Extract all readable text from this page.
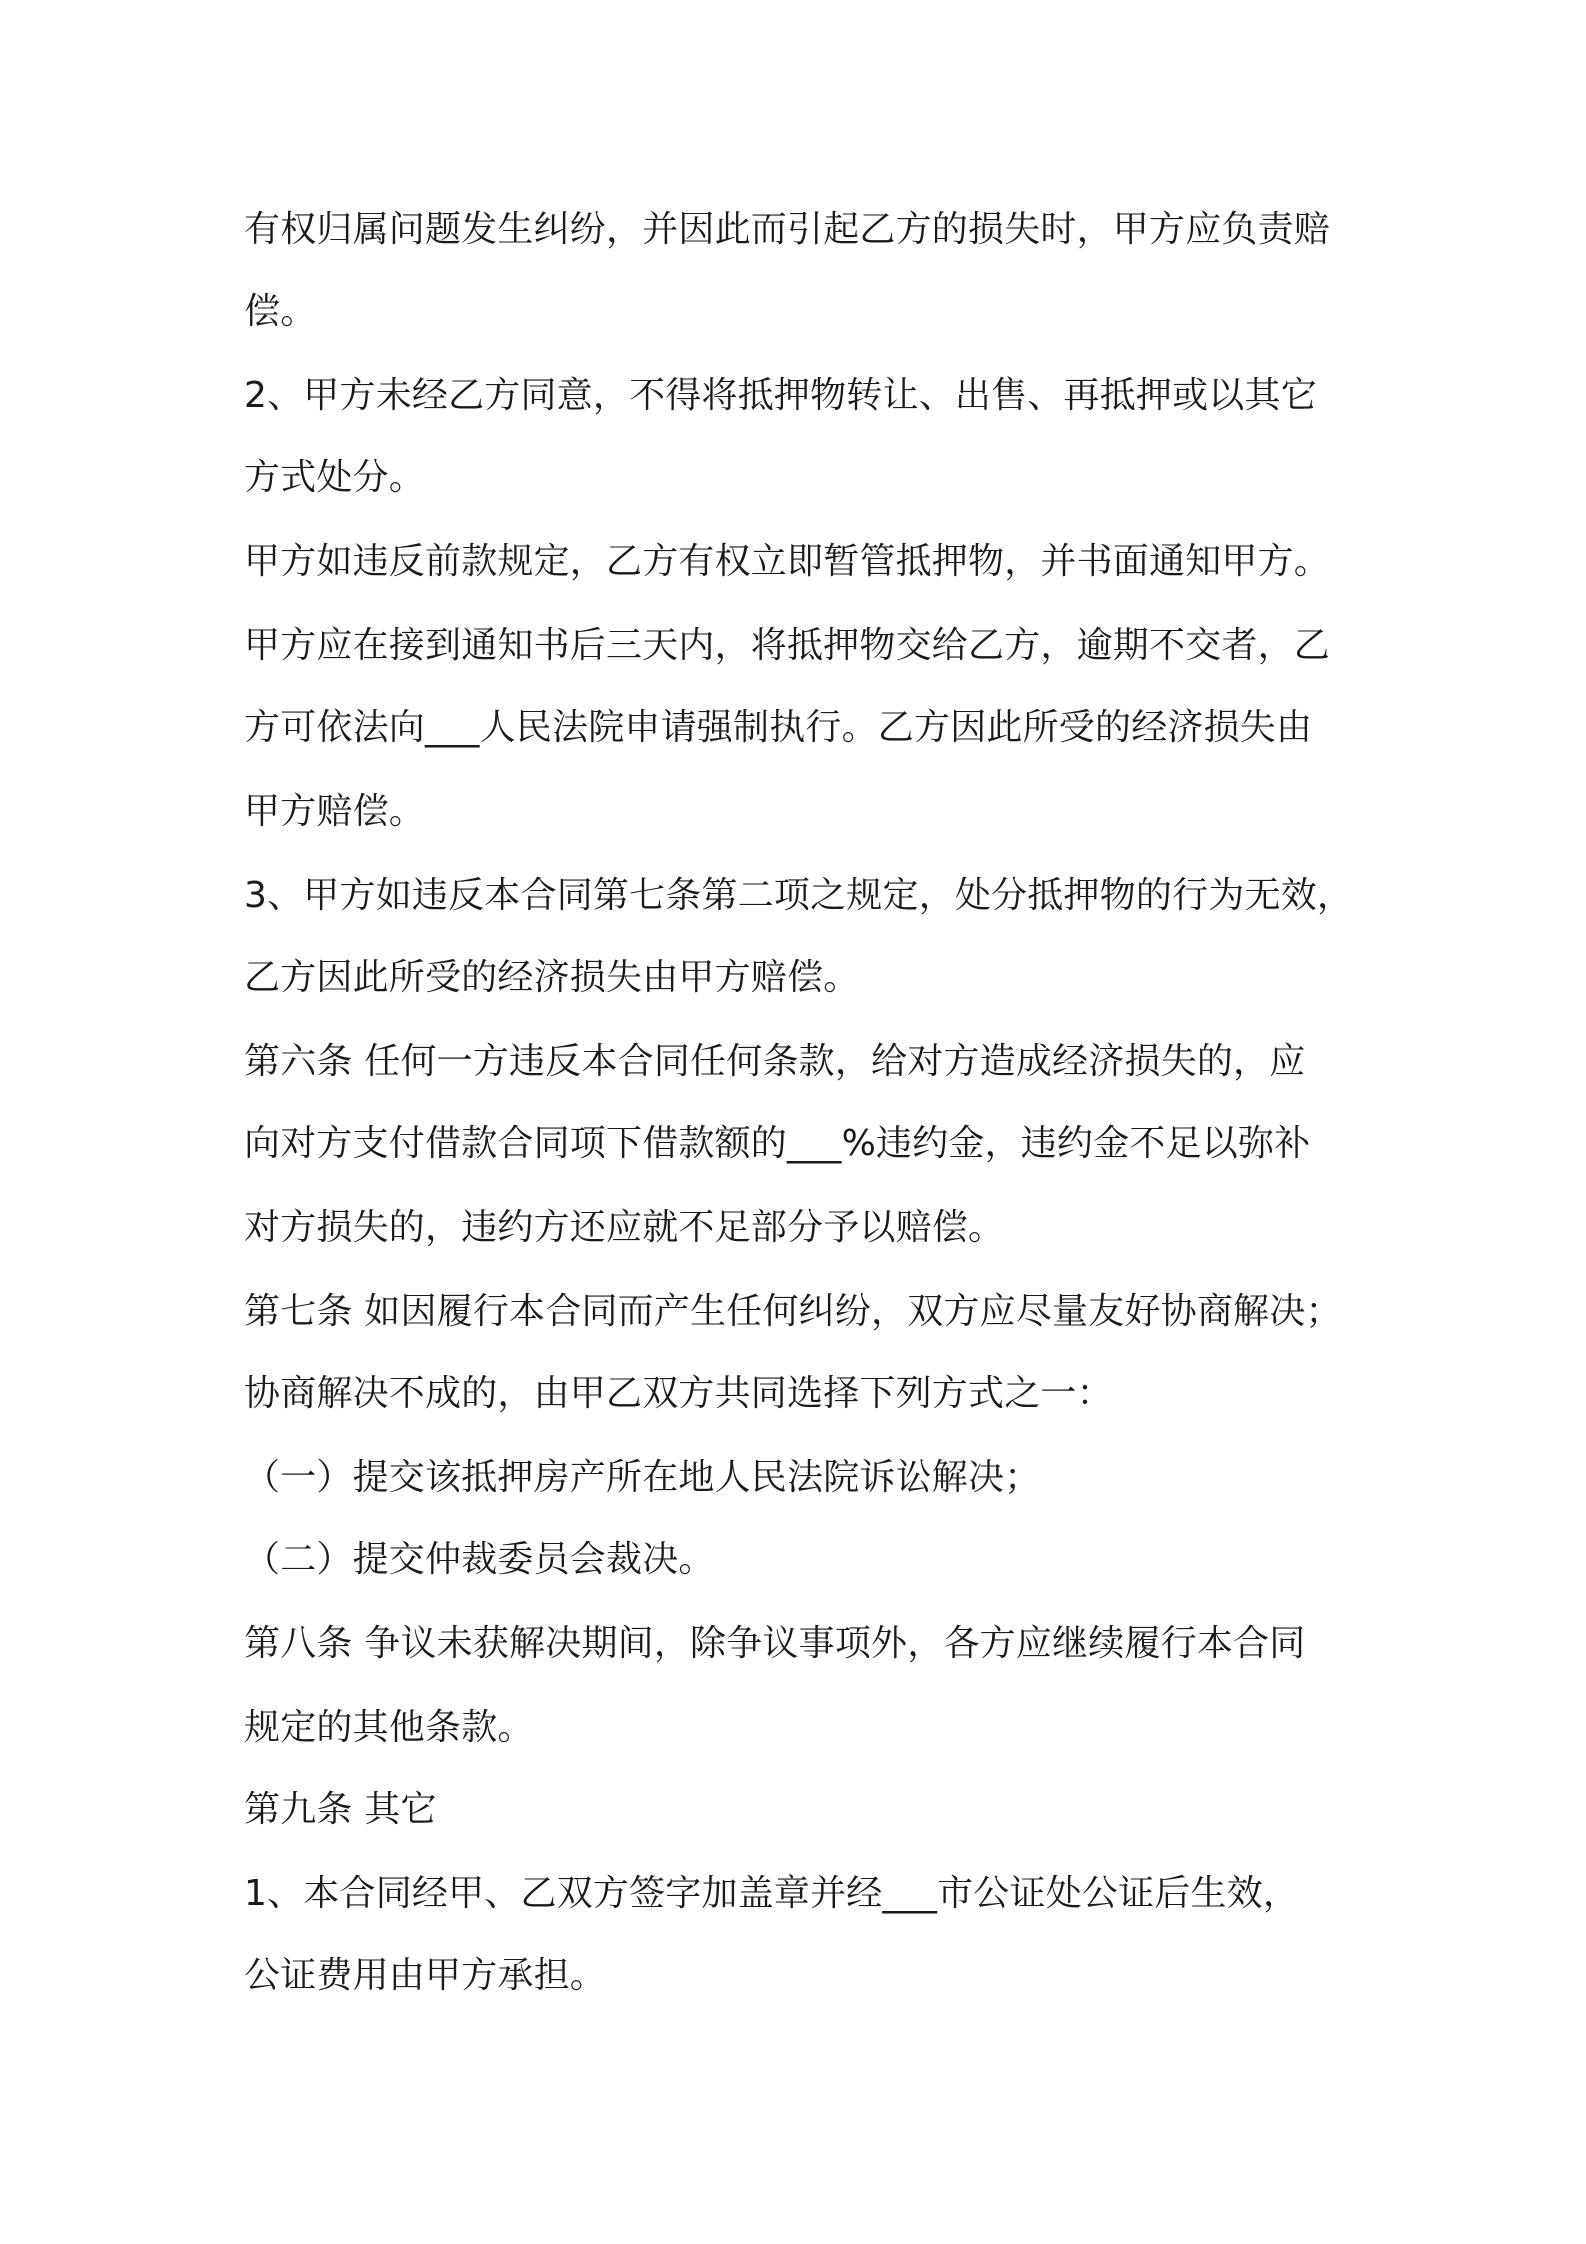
有权归属问题发生纠纷，并因此而引起乙方的损失时，甲方应负责赔
偿。
2、甲方未经乙方同意，不得将抵押物转让、出售、再抵押或以其它
方式处分。
甲方如违反前款规定，乙方有权立即暂管抵押物，并书面通知甲方。
甲方应在接到通知书后三天内，将抵押物交给乙方，逾期不交者，乙
方可依法向___人民法院申请强制执行。乙方因此所受的经济损失由
甲方赔偿。
3、甲方如违反本合同第七条第二项之规定，处分抵押物的行为无效，
乙方因此所受的经济损失由甲方赔偿。
第六条 任何一方违反本合同任何条款，给对方造成经济损失的，应
向对方支付借款合同项下借款额的___%违约金，违约金不足以弥补
对方损失的，违约方还应就不足部分予以赔偿。
第七条 如因履行本合同而产生任何纠纷，双方应尽量友好协商解决；
协商解决不成的，由甲乙双方共同选择下列方式之一：
（一）提交该抵押房产所在地人民法院诉讼解决；
（二）提交仲裁委员会裁决。
第八条 争议未获解决期间，除争议事项外，各方应继续履行本合同
规定的其他条款。
第九条 其它
1、本合同经甲、乙双方签字加盖章并经___市公证处公证后生效，
公证费用由甲方承担。
